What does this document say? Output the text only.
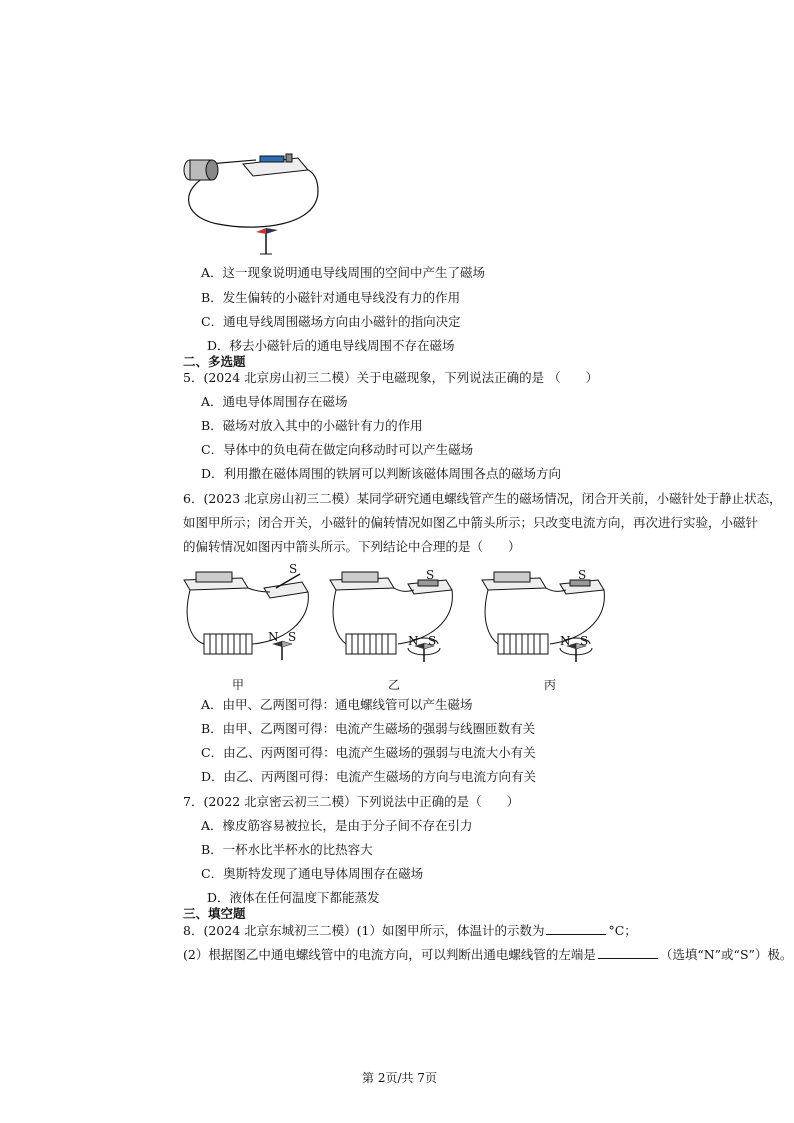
A．这一现象说明通电导线周围的空间中产生了磁场
B．发生偏转的小磁针对通电导线没有力的作用
C．通电导线周围磁场方向由小磁针的指向决定
D．移去小磁针后的通电导线周围不存在磁场
二、多选题
5．(2024 北京房山初三二模）关于电磁现象，下列说法正确的是 （　　）
A．通电导体周围存在磁场
B．磁场对放入其中的小磁针有力的作用
C．导体中的负电荷在做定向移动时可以产生磁场
D．利用撒在磁体周围的铁屑可以判断该磁体周围各点的磁场方向
6．(2023 北京房山初三二模）某同学研究通电螺线管产生的磁场情况，闭合开关前，小磁针处于静止状态，
如图甲所示；闭合开关，小磁针的偏转情况如图乙中箭头所示；只改变电流方向，再次进行实验，小磁针
的偏转情况如图丙中箭头所示。下列结论中合理的是（　　）
S
N S
S
N S
S
N S
甲	乙	丙
A．由甲、乙两图可得：通电螺线管可以产生磁场
B．由甲、乙两图可得：电流产生磁场的强弱与线圈匝数有关
C．由乙、丙两图可得：电流产生磁场的强弱与电流大小有关
D．由乙、丙两图可得：电流产生磁场的方向与电流方向有关
7．(2022 北京密云初三二模）下列说法中正确的是（　　）
A．橡皮筋容易被拉长，是由于分子间不存在引力
B．一杯水比半杯水的比热容大
C．奥斯特发现了通电导体周围存在磁场
D．液体在任何温度下都能蒸发
三、填空题
8．(2024 北京东城初三二模）(1）如图甲所示，体温计的示数为	°C；
(2）根据图乙中通电螺线管中的电流方向，可以判断出通电螺线管的左端是	（选填“N”或“S”）极。
第 2页/共 7页
